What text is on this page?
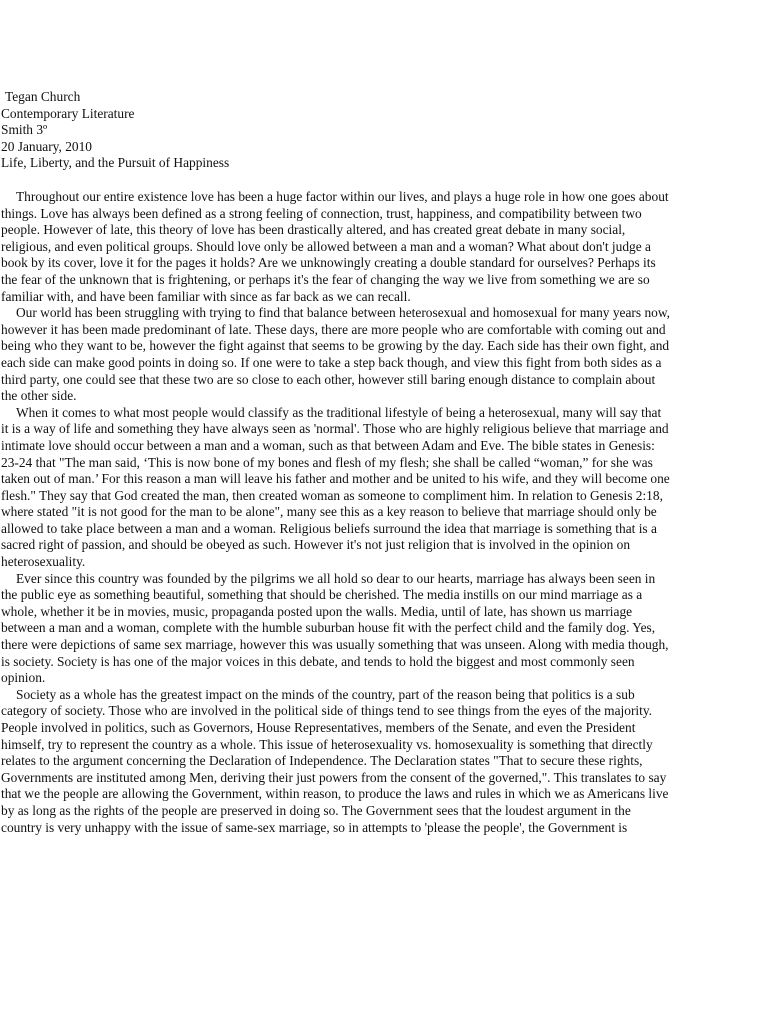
Tegan Church
Contemporary Literature
Smith 3º
20 January, 2010
Life, Liberty, and the Pursuit of Happiness

Throughout our entire existence love has been a huge factor within our lives, and plays a huge role in how one goes about things. Love has always been defined as a strong feeling of connection, trust, happiness, and compatibility between two people. However of late, this theory of love has been drastically altered, and has created great debate in many social, religious, and even political groups. Should love only be allowed between a man and a woman? What about don't judge a book by its cover, love it for the pages it holds? Are we unknowingly creating a double standard for ourselves? Perhaps its the fear of the unknown that is frightening, or perhaps it's the fear of changing the way we live from something we are so familiar with, and have been familiar with since as far back as we can recall.

Our world has been struggling with trying to find that balance between heterosexual and homosexual for many years now, however it has been made predominant of late. These days, there are more people who are comfortable with coming out and being who they want to be, however the fight against that seems to be growing by the day. Each side has their own fight, and each side can make good points in doing so. If one were to take a step back though, and view this fight from both sides as a third party, one could see that these two are so close to each other, however still baring enough distance to complain about the other side.

When it comes to what most people would classify as the traditional lifestyle of being a heterosexual, many will say that it is a way of life and something they have always seen as 'normal'. Those who are highly religious believe that marriage and intimate love should occur between a man and a woman, such as that between Adam and Eve. The bible states in Genesis: 23-24 that "The man said, ‘This is now bone of my bones and flesh of my flesh; she shall be called “woman,” for she was taken out of man.’ For this reason a man will leave his father and mother and be united to his wife, and they will become one flesh." They say that God created the man, then created woman as someone to compliment him. In relation to Genesis 2:18, where stated "it is not good for the man to be alone", many see this as a key reason to believe that marriage should only be allowed to take place between a man and a woman. Religious beliefs surround the idea that marriage is something that is a sacred right of passion, and should be obeyed as such. However it's not just religion that is involved in the opinion on heterosexuality.

Ever since this country was founded by the pilgrims we all hold so dear to our hearts, marriage has always been seen in the public eye as something beautiful, something that should be cherished. The media instills on our mind marriage as a whole, whether it be in movies, music, propaganda posted upon the walls. Media, until of late, has shown us marriage between a man and a woman, complete with the humble suburban house fit with the perfect child and the family dog. Yes, there were depictions of same sex marriage, however this was usually something that was unseen. Along with media though, is society. Society is has one of the major voices in this debate, and tends to hold the biggest and most commonly seen opinion.

Society as a whole has the greatest impact on the minds of the country, part of the reason being that politics is a sub category of society. Those who are involved in the political side of things tend to see things from the eyes of the majority. People involved in politics, such as Governors, House Representatives, members of the Senate, and even the President himself, try to represent the country as a whole. This issue of heterosexuality vs. homosexuality is something that directly relates to the argument concerning the Declaration of Independence. The Declaration states "That to secure these rights, Governments are instituted among Men, deriving their just powers from the consent of the governed,". This translates to say that we the people are allowing the Government, within reason, to produce the laws and rules in which we as Americans live by as long as the rights of the people are preserved in doing so. The Government sees that the loudest argument in the country is very unhappy with the issue of same-sex marriage, so in attempts to 'please the people', the Government is
